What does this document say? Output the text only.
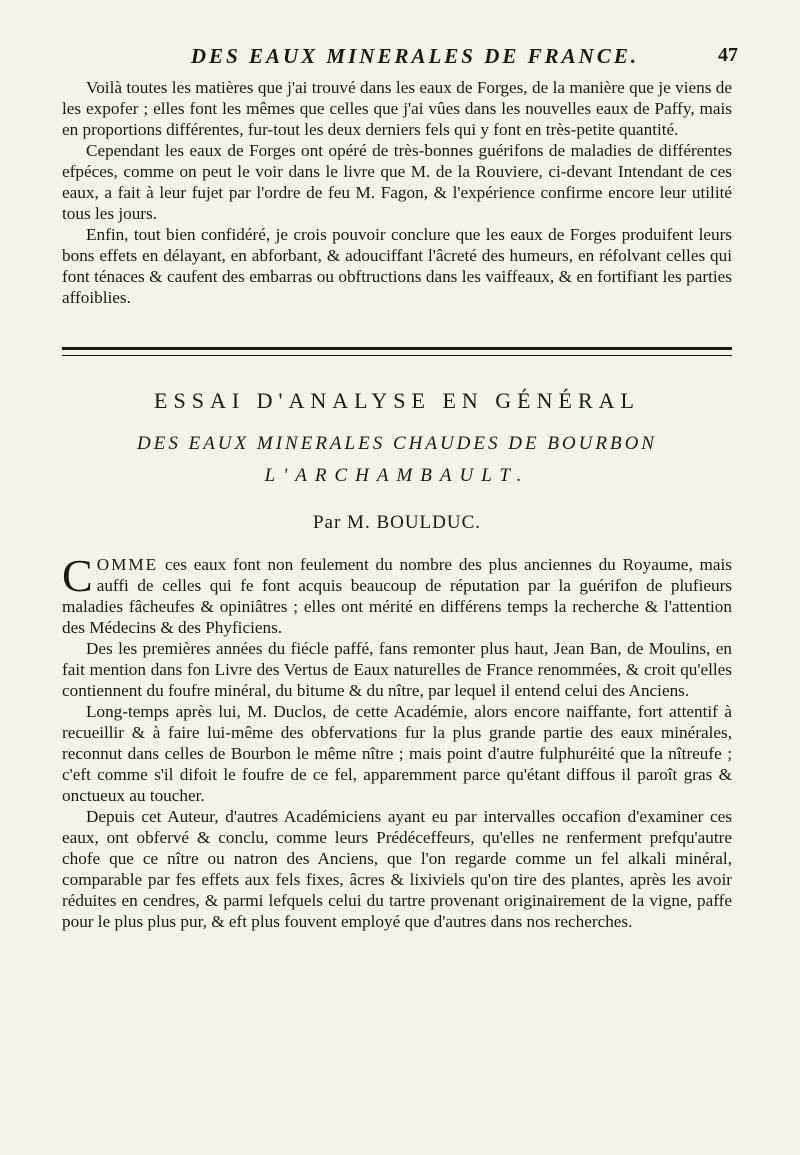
DES EAUX MINERALES DE FRANCE.	47

Voilà toutes les matières que j'ai trouvé dans les eaux de Forges, de la manière que je viens de les expofer ; elles font les mêmes que celles que j'ai vûes dans les nouvelles eaux de Paffy, mais en proportions différentes, fur-tout les deux derniers fels qui y font en très-petite quantité.

Cependant les eaux de Forges ont opéré de très-bonnes guérifons de maladies de différentes efpéces, comme on peut le voir dans le livre que M. de la Rouviere, ci-devant Intendant de ces eaux, a fait à leur fujet par l'ordre de feu M. Fagon, & l'expérience confirme encore leur utilité tous les jours.

Enfin, tout bien confidéré, je crois pouvoir conclure que les eaux de Forges produifent leurs bons effets en délayant, en abforbant, & adouciffant l'âcreté des humeurs, en réfolvant celles qui font ténaces & caufent des embarras ou obftructions dans les vaiffeaux, & en fortifiant les parties affoiblies.

ESSAI D'ANALYSE EN GÉNÉRAL
DES EAUX MINERALES CHAUDES DE BOURBON
L'ARCHAMBAULT.
Par M. BOULDUC.

COMME ces eaux font non feulement du nombre des plus anciennes du Royaume, mais auffi de celles qui fe font acquis beaucoup de réputation par la guérifon de plufieurs maladies fâcheufes & opiniâtres ; elles ont mérité en différens temps la recherche & l'attention des Médecins & des Phyficiens.

Des les premières années du fiécle paffé, fans remonter plus haut, Jean Ban, de Moulins, en fait mention dans fon Livre des Vertus de Eaux naturelles de France renommées, & croit qu'elles contiennent du foufre minéral, du bitume & du nître, par lequel il entend celui des Anciens.

Long-temps après lui, M. Duclos, de cette Académie, alors encore naiffante, fort attentif à recueillir & à faire lui-même des obfervations fur la plus grande partie des eaux minérales, reconnut dans celles de Bourbon le même nître ; mais point d'autre fulphuréité que la nîtreufe ; c'eft comme s'il difoit le foufre de ce fel, apparemment parce qu'étant diffous il paroît gras & onctueux au toucher.

Depuis cet Auteur, d'autres Académiciens ayant eu par intervalles occafion d'examiner ces eaux, ont obfervé & conclu, comme leurs Prédéceffeurs, qu'elles ne renferment prefqu'autre chofe que ce nître ou natron des Anciens, que l'on regarde comme un fel alkali minéral, comparable par fes effets aux fels fixes, âcres & lixiviels qu'on tire des plantes, après les avoir réduites en cendres, & parmi lefquels celui du tartre provenant originairement de la vigne, paffe pour le plus plus pur, & eft plus fouvent employé que d'autres dans nos recherches.
